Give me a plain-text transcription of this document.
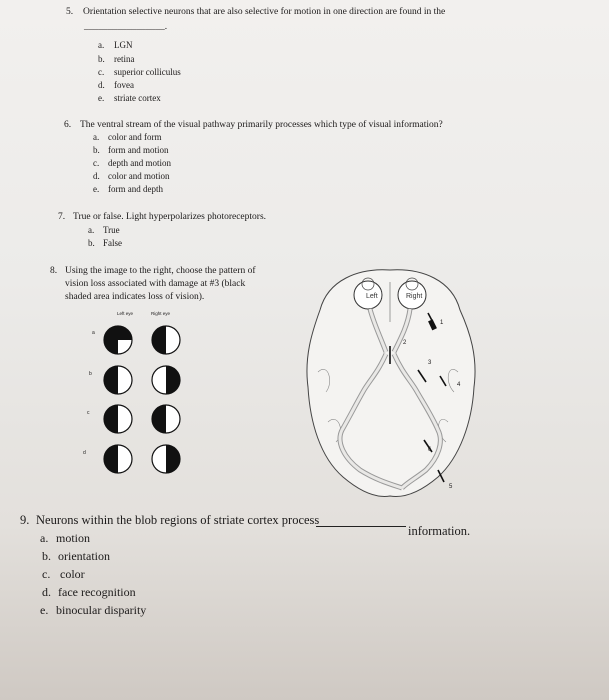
5. Orientation selective neurons that are also selective for motion in one direction are found in the
_________________.
a. LGN
b. retina
c. superior colliculus
d. fovea
e. striate cortex
6. The ventral stream of the visual pathway primarily processes which type of visual information?
a. color and form
b. form and motion
c. depth and motion
d. color and motion
e. form and depth
7. True or false. Light hyperpolarizes photoreceptors.
a. True
b. False
8. Using the image to the right, choose the pattern of
vision loss associated with damage at #3 (black
shaded area indicates loss of vision).
Left eye	Right eye
a
b
c
d
Left	Right
1
2
3
4
5
6
9. Neurons within the blob regions of striate cortex process
information.
a. motion
b. orientation
c. color
d. face recognition
e. binocular disparity
